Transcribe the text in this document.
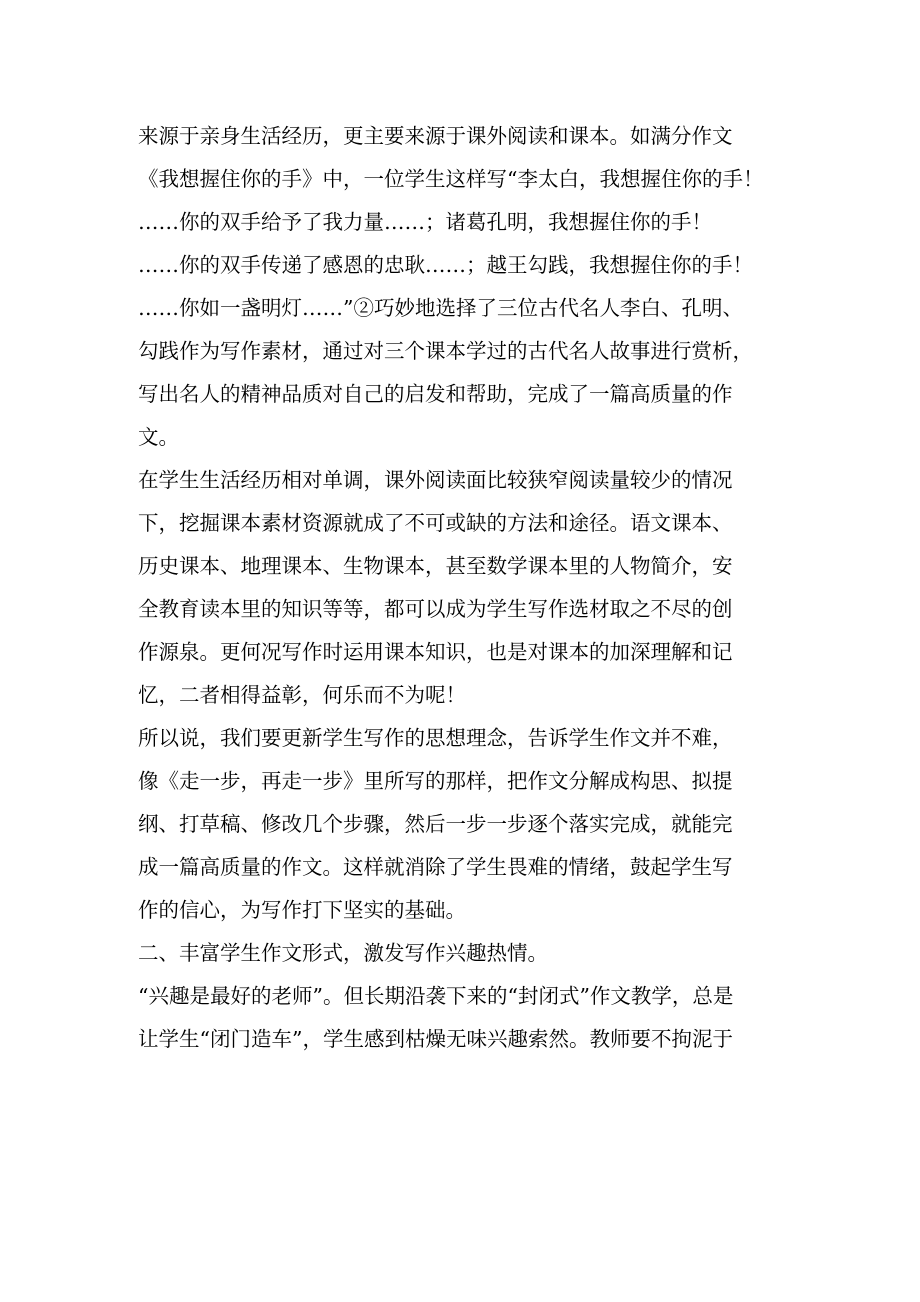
来源于亲身生活经历，更主要来源于课外阅读和课本。如满分作文
《我想握住你的手》中，一位学生这样写“李太白，我想握住你的手！
……你的双手给予了我力量……；诸葛孔明，我想握住你的手！
……你的双手传递了感恩的忠耿……；越王勾践，我想握住你的手！
……你如一盏明灯……”②巧妙地选择了三位古代名人李白、孔明、
勾践作为写作素材，通过对三个课本学过的古代名人故事进行赏析，
写出名人的精神品质对自己的启发和帮助，完成了一篇高质量的作
文。
在学生生活经历相对单调，课外阅读面比较狭窄阅读量较少的情况
下，挖掘课本素材资源就成了不可或缺的方法和途径。语文课本、
历史课本、地理课本、生物课本，甚至数学课本里的人物简介，安
全教育读本里的知识等等，都可以成为学生写作选材取之不尽的创
作源泉。更何况写作时运用课本知识，也是对课本的加深理解和记
忆，二者相得益彰，何乐而不为呢！
所以说，我们要更新学生写作的思想理念，告诉学生作文并不难，
像《走一步，再走一步》里所写的那样，把作文分解成构思、拟提
纲、打草稿、修改几个步骤，然后一步一步逐个落实完成，就能完
成一篇高质量的作文。这样就消除了学生畏难的情绪，鼓起学生写
作的信心，为写作打下坚实的基础。
二、丰富学生作文形式，激发写作兴趣热情。
“兴趣是最好的老师”。但长期沿袭下来的“封闭式”作文教学，总是
让学生“闭门造车”，学生感到枯燥无味兴趣索然。教师要不拘泥于
